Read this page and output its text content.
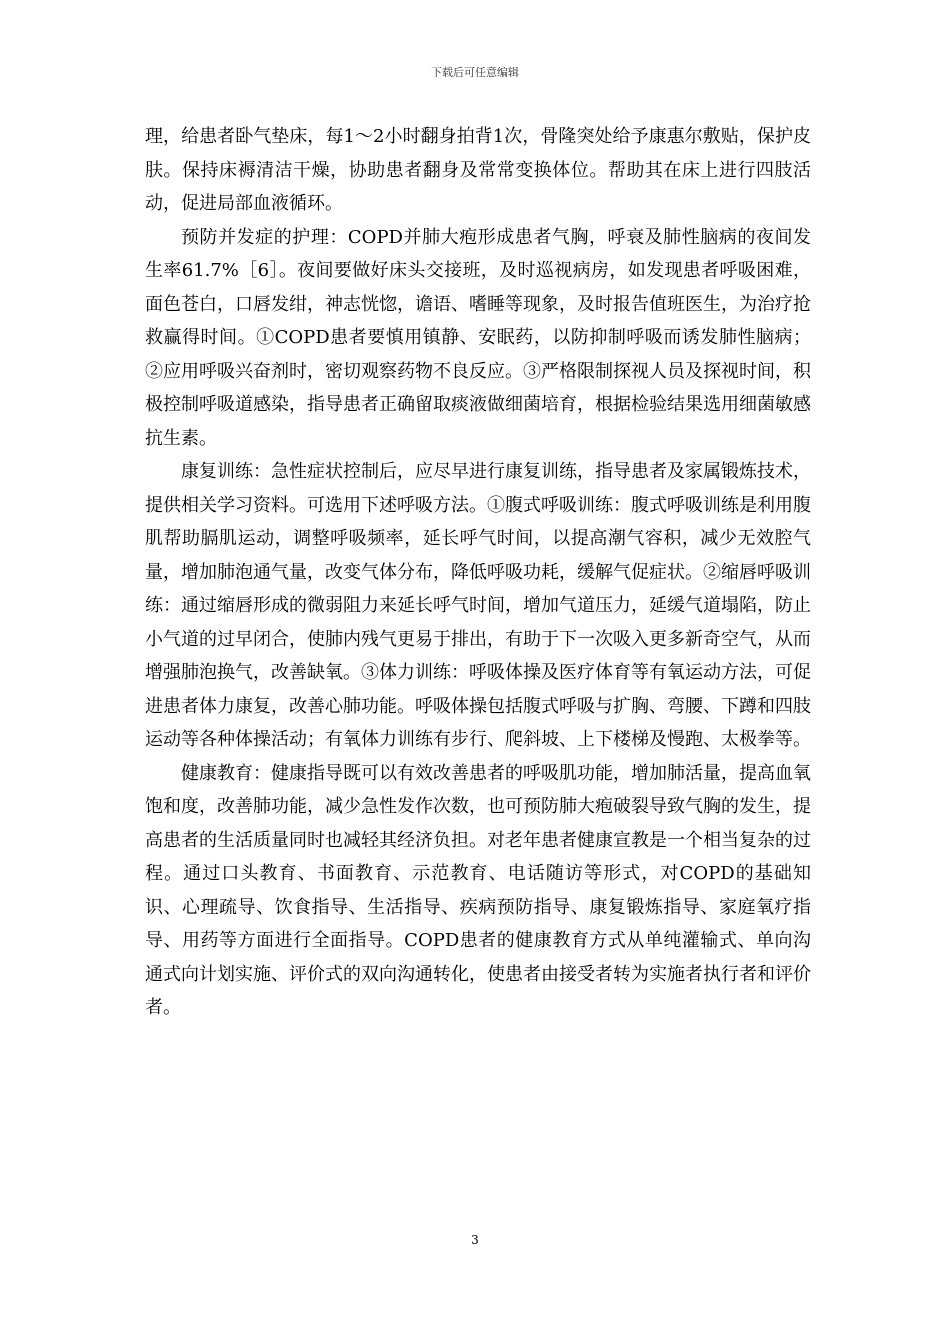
下载后可任意编辑

理，给患者卧气垫床，每1～2小时翻身拍背1次，骨隆突处给予康惠尔敷贴，保护皮肤。保持床褥清洁干燥，协助患者翻身及常常变换体位。帮助其在床上进行四肢活动，促进局部血液循环。

预防并发症的护理：COPD并肺大疱形成患者气胸，呼衰及肺性脑病的夜间发生率61.7%［6］。夜间要做好床头交接班，及时巡视病房，如发现患者呼吸困难，面色苍白，口唇发绀，神志恍惚，谵语、嗜睡等现象，及时报告值班医生，为治疗抢救赢得时间。①COPD患者要慎用镇静、安眠药，以防抑制呼吸而诱发肺性脑病；②应用呼吸兴奋剂时，密切观察药物不良反应。③严格限制探视人员及探视时间，积极控制呼吸道感染，指导患者正确留取痰液做细菌培育，根据检验结果选用细菌敏感抗生素。

康复训练：急性症状控制后，应尽早进行康复训练，指导患者及家属锻炼技术，提供相关学习资料。可选用下述呼吸方法。①腹式呼吸训练：腹式呼吸训练是利用腹肌帮助膈肌运动，调整呼吸频率，延长呼气时间，以提高潮气容积，减少无效腔气量，增加肺泡通气量，改变气体分布，降低呼吸功耗，缓解气促症状。②缩唇呼吸训练：通过缩唇形成的微弱阻力来延长呼气时间，增加气道压力，延缓气道塌陷，防止小气道的过早闭合，使肺内残气更易于排出，有助于下一次吸入更多新奇空气，从而增强肺泡换气，改善缺氧。③体力训练：呼吸体操及医疗体育等有氧运动方法，可促进患者体力康复，改善心肺功能。呼吸体操包括腹式呼吸与扩胸、弯腰、下蹲和四肢运动等各种体操活动；有氧体力训练有步行、爬斜坡、上下楼梯及慢跑、太极拳等。

健康教育：健康指导既可以有效改善患者的呼吸肌功能，增加肺活量，提高血氧饱和度，改善肺功能，减少急性发作次数，也可预防肺大疱破裂导致气胸的发生，提高患者的生活质量同时也减轻其经济负担。对老年患者健康宣教是一个相当复杂的过程。通过口头教育、书面教育、示范教育、电话随访等形式，对COPD的基础知识、心理疏导、饮食指导、生活指导、疾病预防指导、康复锻炼指导、家庭氧疗指导、用药等方面进行全面指导。COPD患者的健康教育方式从单纯灌输式、单向沟通式向计划实施、评价式的双向沟通转化，使患者由接受者转为实施者执行者和评价者。

3
